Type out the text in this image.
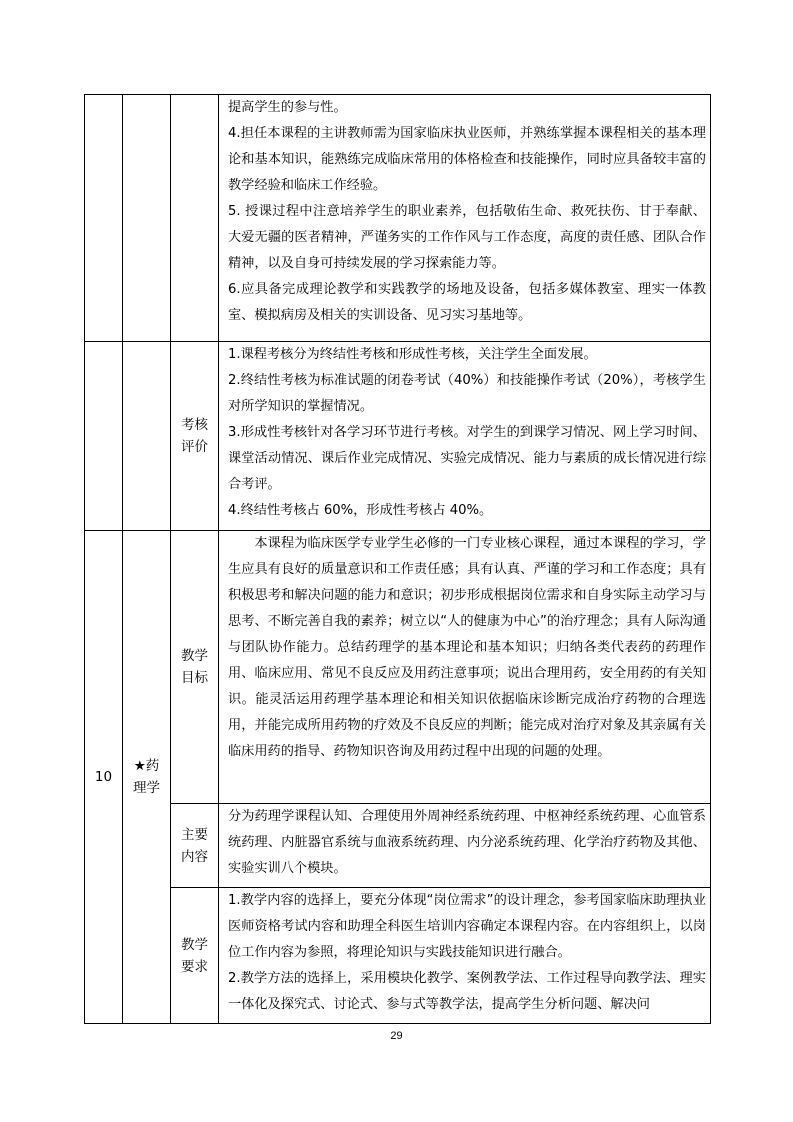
			提高学生的参与性。

4.担任本课程的主讲教师需为国家临床执业医师，并熟练掌握本课程相关的基本理论和基本知识，能熟练完成临床常用的体格检查和技能操作，同时应具备较丰富的教学经验和临床工作经验。

5. 授课过程中注意培养学生的职业素养，包括敬佑生命、救死扶伤、甘于奉献、大爱无疆的医者精神，严谨务实的工作作风与工作态度，高度的责任感、团队合作精神，以及自身可持续发展的学习探索能力等。

6.应具备完成理论教学和实践教学的场地及设备，包括多媒体教室、理实一体教室、模拟病房及相关的实训设备、见习实习基地等。

		考核评价	1.课程考核分为终结性考核和形成性考核，关注学生全面发展。

2.终结性考核为标准试题的闭卷考试（40%）和技能操作考试（20%），考核学生对所学知识的掌握情况。

3.形成性考核针对各学习环节进行考核。对学生的到课学习情况、网上学习时间、课堂活动情况、课后作业完成情况、实验完成情况、能力与素质的成长情况进行综合考评。

4.终结性考核占 60%，形成性考核占 40%。

10	★药理学	教学目标	本课程为临床医学专业学生必修的一门专业核心课程，通过本课程的学习，学生应具有良好的质量意识和工作责任感；具有认真、严谨的学习和工作态度；具有积极思考和解决问题的能力和意识；初步形成根据岗位需求和自身实际主动学习与思考、不断完善自我的素养；树立以“人的健康为中心”的治疗理念；具有人际沟通与团队协作能力。总结药理学的基本理论和基本知识；归纳各类代表药的药理作用、临床应用、常见不良反应及用药注意事项；说出合理用药，安全用药的有关知识。能灵活运用药理学基本理论和相关知识依据临床诊断完成治疗药物的合理选用，并能完成所用药物的疗效及不良反应的判断；能完成对治疗对象及其亲属有关临床用药的指导、药物知识咨询及用药过程中出现的问题的处理。

		主要内容	分为药理学课程认知、合理使用外周神经系统药理、中枢神经系统药理、心血管系统药理、内脏器官系统与血液系统药理、内分泌系统药理、化学治疗药物及其他、实验实训八个模块。

		教学要求	1.教学内容的选择上，要充分体现“岗位需求”的设计理念，参考国家临床助理执业医师资格考试内容和助理全科医生培训内容确定本课程内容。在内容组织上，以岗位工作内容为参照，将理论知识与实践技能知识进行融合。

2.教学方法的选择上，采用模块化教学、案例教学法、工作过程导向教学法、理实一体化及探究式、讨论式、参与式等教学法，提高学生分析问题、解决问

29
